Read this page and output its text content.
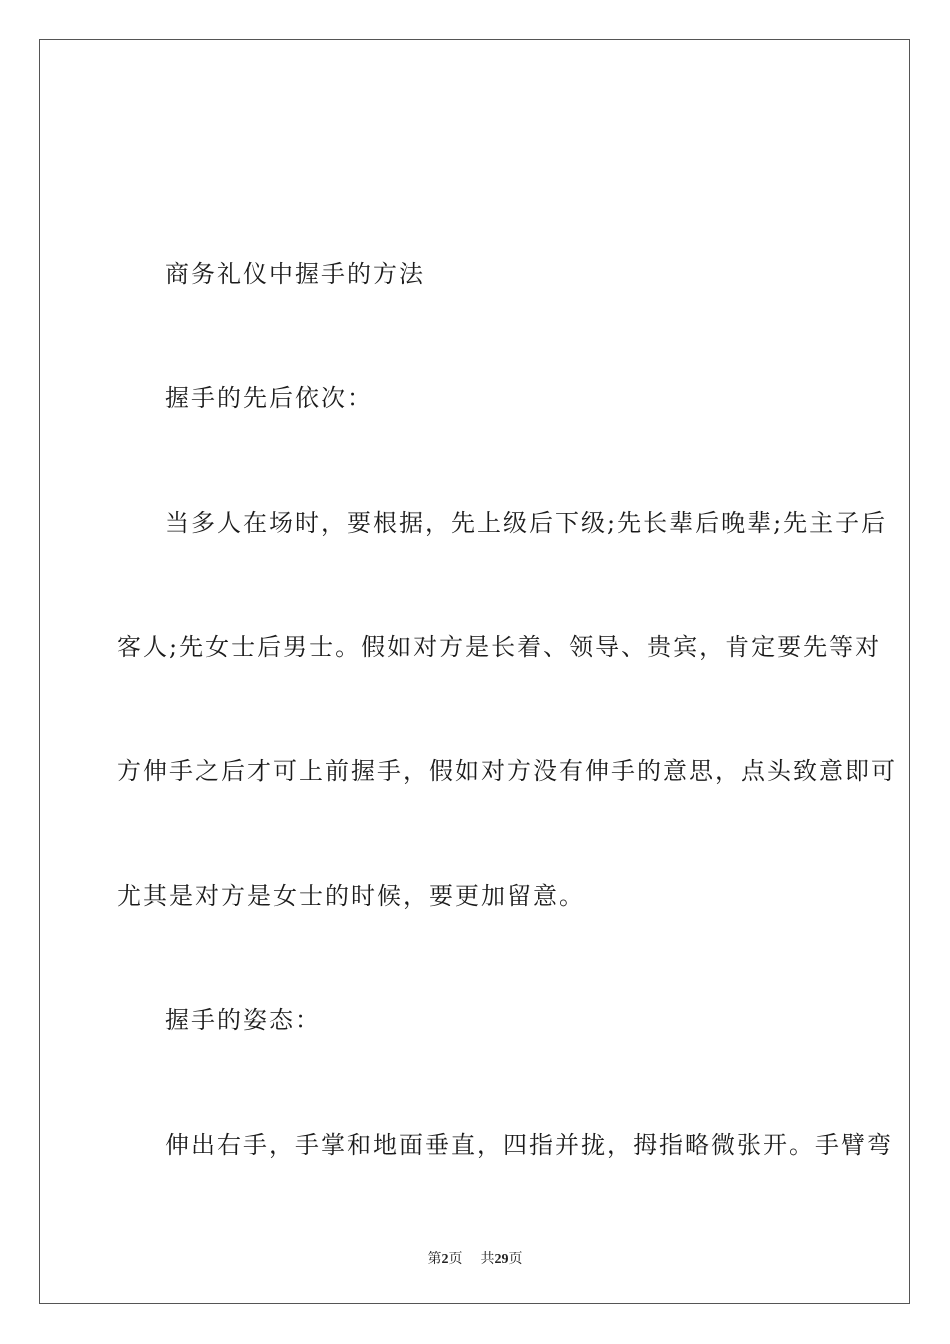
商务礼仪中握手的方法
握手的先后依次：
当多人在场时，要根据，先上级后下级;先长辈后晚辈;先主子后
客人;先女士后男士。假如对方是长着、领导、贵宾，肯定要先等对
方伸手之后才可上前握手，假如对方没有伸手的意思，点头致意即可
尤其是对方是女士的时候，要更加留意。
握手的姿态：
伸出右手，手掌和地面垂直，四指并拢，拇指略微张开。手臂弯
第2页 共29页
